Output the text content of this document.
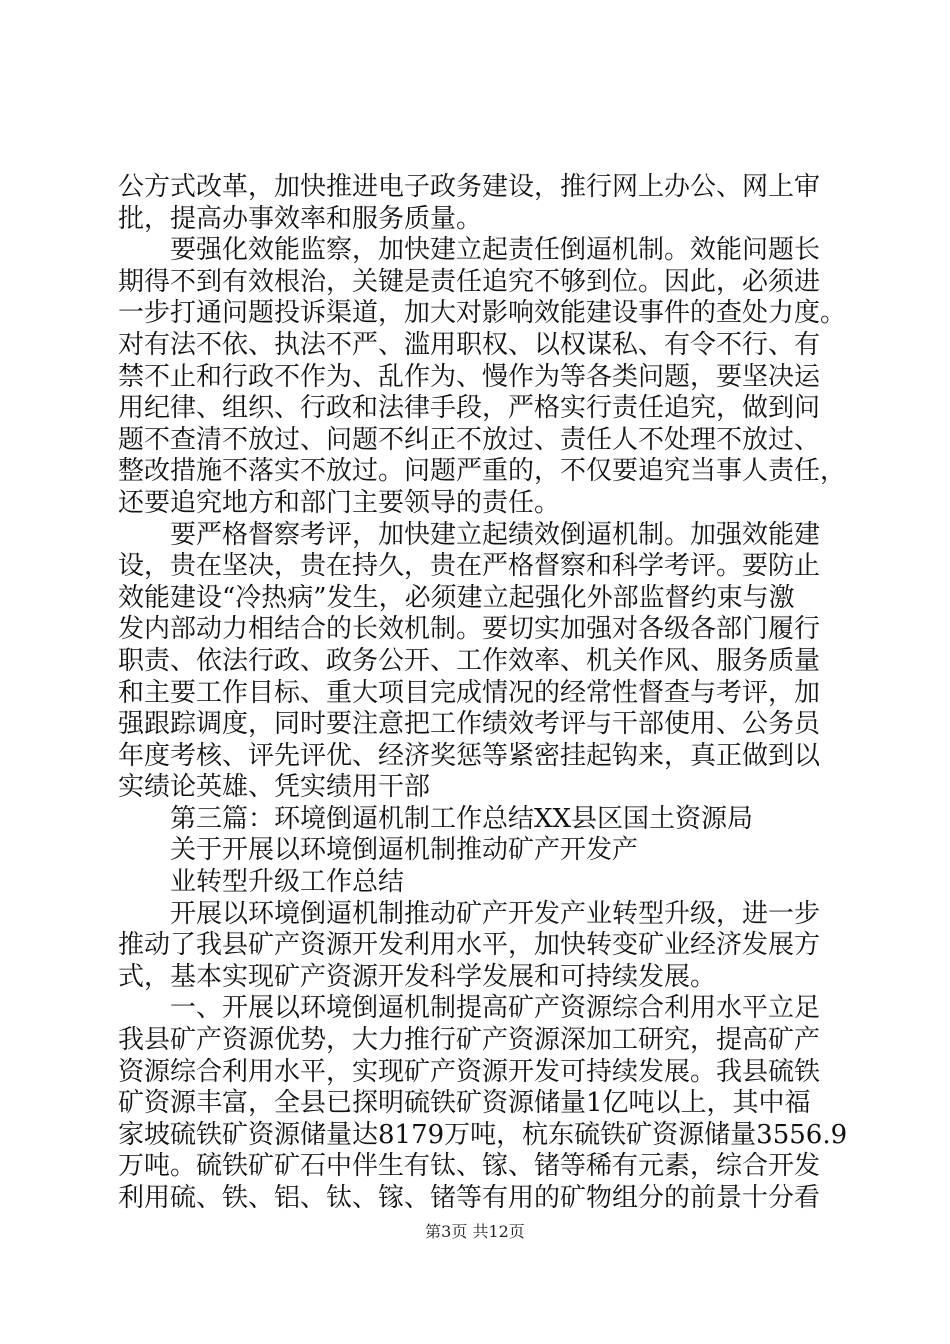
公方式改革，加快推进电子政务建设，推行网上办公、网上审
批，提高办事效率和服务质量。
　　要强化效能监察，加快建立起责任倒逼机制。效能问题长
期得不到有效根治，关键是责任追究不够到位。因此，必须进
一步打通问题投诉渠道，加大对影响效能建设事件的查处力度。
对有法不依、执法不严、滥用职权、以权谋私、有令不行、有
禁不止和行政不作为、乱作为、慢作为等各类问题，要坚决运
用纪律、组织、行政和法律手段，严格实行责任追究，做到问
题不查清不放过、问题不纠正不放过、责任人不处理不放过、
整改措施不落实不放过。问题严重的，不仅要追究当事人责任，
还要追究地方和部门主要领导的责任。
　　要严格督察考评，加快建立起绩效倒逼机制。加强效能建
设，贵在坚决，贵在持久，贵在严格督察和科学考评。要防止
效能建设“冷热病”发生，必须建立起强化外部监督约束与激
发内部动力相结合的长效机制。要切实加强对各级各部门履行
职责、依法行政、政务公开、工作效率、机关作风、服务质量
和主要工作目标、重大项目完成情况的经常性督查与考评，加
强跟踪调度，同时要注意把工作绩效考评与干部使用、公务员
年度考核、评先评优、经济奖惩等紧密挂起钩来，真正做到以
实绩论英雄、凭实绩用干部
　　第三篇：环境倒逼机制工作总结XX县区国土资源局
　　关于开展以环境倒逼机制推动矿产开发产
　　业转型升级工作总结
　　开展以环境倒逼机制推动矿产开发产业转型升级，进一步
推动了我县矿产资源开发利用水平，加快转变矿业经济发展方
式，基本实现矿产资源开发科学发展和可持续发展。
　　一、开展以环境倒逼机制提高矿产资源综合利用水平立足
我县矿产资源优势，大力推行矿产资源深加工研究，提高矿产
资源综合利用水平，实现矿产资源开发可持续发展。我县硫铁
矿资源丰富，全县已探明硫铁矿资源储量1亿吨以上，其中福
家坡硫铁矿资源储量达8179万吨，杭东硫铁矿资源储量3556.9
万吨。硫铁矿矿石中伴生有钛、镓、锗等稀有元素，综合开发
利用硫、铁、铝、钛、镓、锗等有用的矿物组分的前景十分看
第3页 共12页
